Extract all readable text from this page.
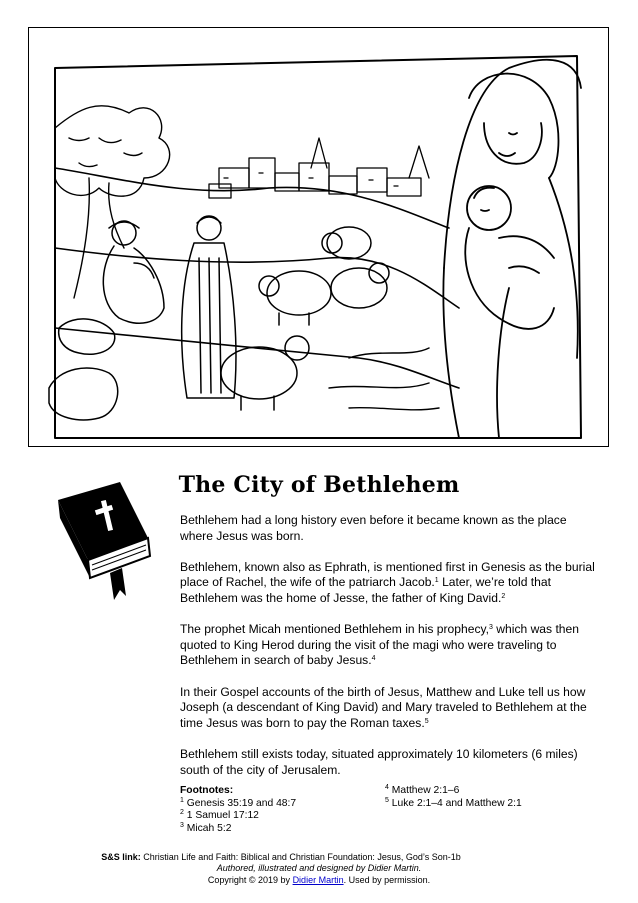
The City of Bethlehem

Bethlehem had a long history even before it became known as the place where Jesus was born.

Bethlehem, known also as Ephrath, is mentioned first in Genesis as the burial place of Rachel, the wife of the patriarch Jacob.$^1$ Later, we’re told that Bethlehem was the home of Jesse, the father of King David.$^2$

The prophet Micah mentioned Bethlehem in his prophecy,$^3$ which was then quoted to King Herod during the visit of the magi who were traveling to Bethlehem in search of baby Jesus.$^4$

In their Gospel accounts of the birth of Jesus, Matthew and Luke tell us how Joseph (a descendant of King David) and Mary traveled to Bethlehem at the time Jesus was born to pay the Roman taxes.$^5$

Bethlehem still exists today, situated approximately 10 kilometers (6 miles) south of the city of Jerusalem.

Footnotes:
$^1$ Genesis 35:19 and 48:7
$^2$ 1 Samuel 17:12
$^3$ Micah 5:2
$^4$ Matthew 2:1–6
$^5$ Luke 2:1–4 and Matthew 2:1
S&S link: Christian Life and Faith: Biblical and Christian Foundation: Jesus, God’s Son-1b
Authored, illustrated and designed by Didier Martin.
Copyright © 2019 by Didier Martin. Used by permission.
